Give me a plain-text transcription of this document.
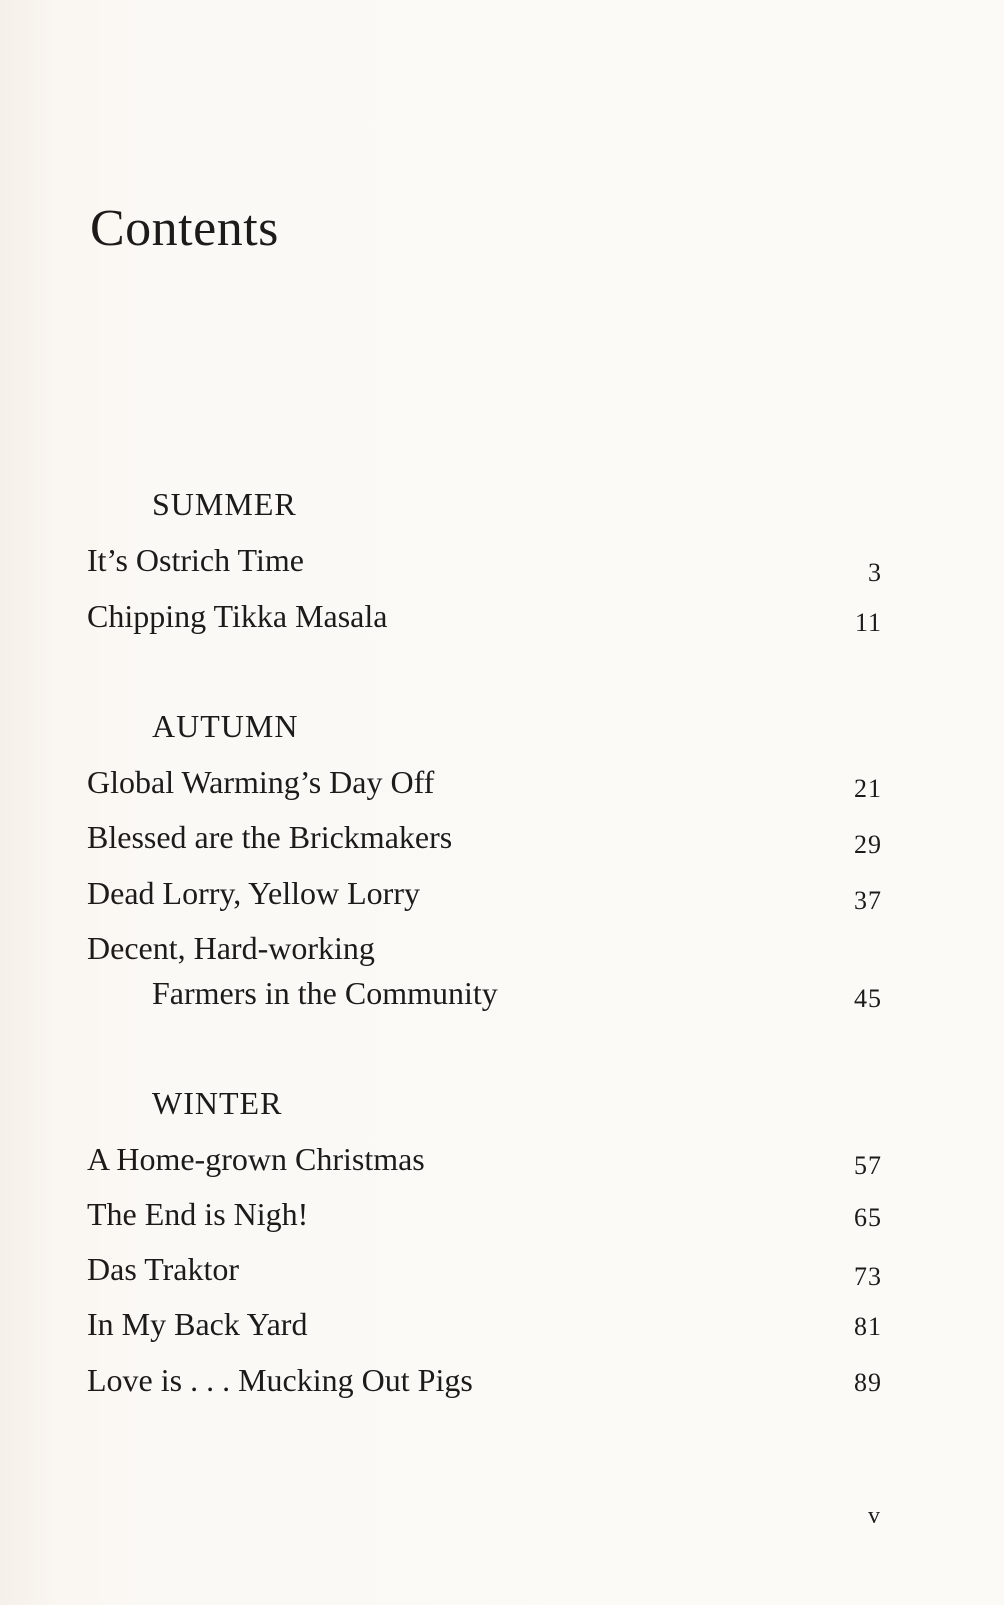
Contents
SUMMER
It’s Ostrich Time	3
Chipping Tikka Masala	11
AUTUMN
Global Warming’s Day Off	21
Blessed are the Brickmakers	29
Dead Lorry, Yellow Lorry	37
Decent, Hard-working
Farmers in the Community	45
WINTER
A Home-grown Christmas	57
The End is Nigh!	65
Das Traktor	73
In My Back Yard	81
Love is . . . Mucking Out Pigs	89
v
